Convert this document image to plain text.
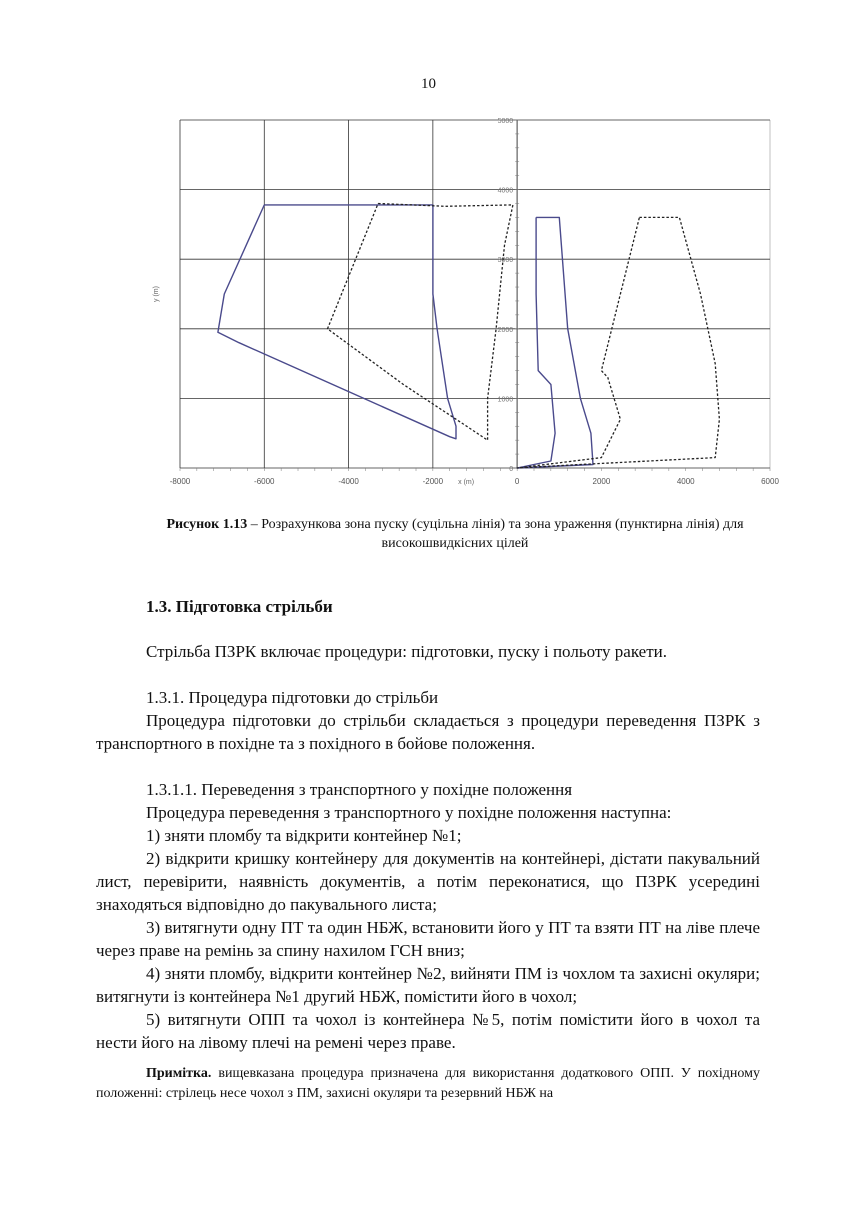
10
-8000	-6000	-4000	-2000	0	2000	4000	6000
0
1000
2000
3000
4000
5000
x (m)
y (m)
Рисунок 1.13 – Розрахункова зона пуску (суцільна лінія) та зона ураження (пунктирна лінія) для високошвидкісних цілей
1.3. Підготовка стрільби
Стрільба ПЗРК включає процедури: підготовки, пуску і польоту ракети.
1.3.1. Процедура підготовки до стрільби
Процедура підготовки до стрільби складається з процедури переведення ПЗРК з транспортного в похідне та з похідного в бойове положення.
1.3.1.1. Переведення з транспортного у похідне положення
Процедура переведення з транспортного у похідне положення наступна:
1) зняти пломбу та відкрити контейнер №1;
2) відкрити кришку контейнеру для документів на контейнері, дістати пакувальний лист, перевірити, наявність документів, а потім переконатися, що ПЗРК усередині знаходяться відповідно до пакувального листа;
3) витягнути одну ПТ та один НБЖ, встановити його у ПТ та взяти ПТ на ліве плече через праве на ремінь за спину нахилом ГСН вниз;
4) зняти пломбу, відкрити контейнер №2, вийняти ПМ із чохлом та захисні окуляри; витягнути із контейнера №1 другий НБЖ, помістити його в чохол;
5) витягнути ОПП та чохол із контейнера №5, потім помістити його в чохол та нести його на лівому плечі на ремені через праве.
Примітка. вищевказана процедура призначена для використання додаткового ОПП. У похідному положенні: стрілець несе чохол з ПМ, захисні окуляри та резервний НБЖ на
